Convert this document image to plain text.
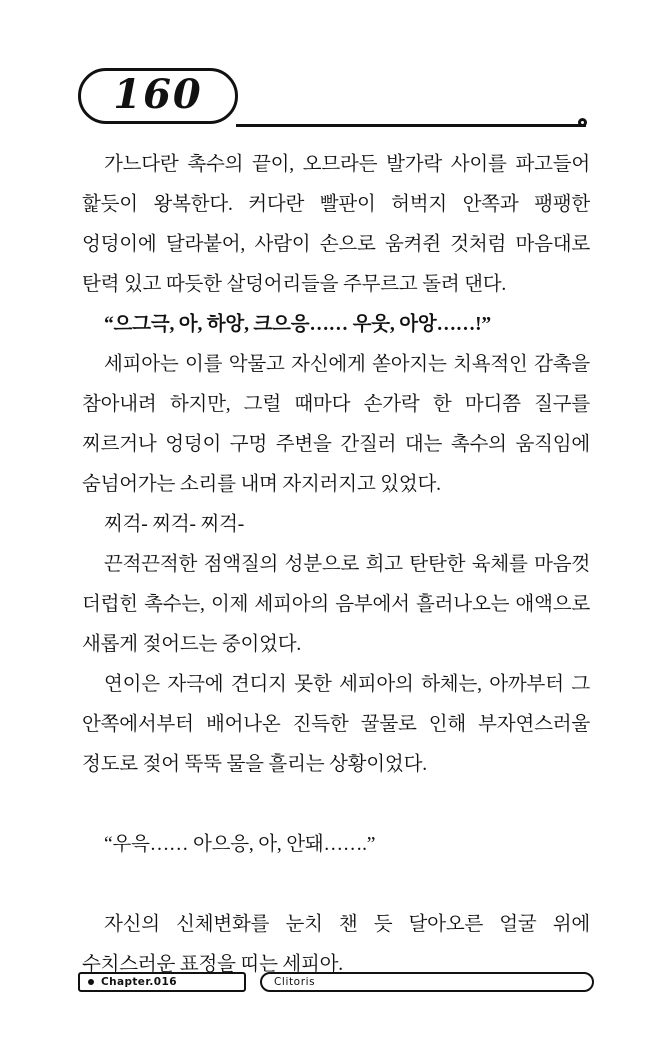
160

가느다란 촉수의 끝이, 오므라든 발가락 사이를 파고들어 핥듯이 왕복한다. 커다란 빨판이 허벅지 안쪽과 팽팽한 엉덩이에 달라붙어, 사람이 손으로 움켜쥔 것처럼 마음대로 탄력 있고 따듯한 살덩어리들을 주무르고 돌려 댄다.

“으그극, 아, 하앙, 크으응…… 우웃, 아앙……!”

세피아는 이를 악물고 자신에게 쏟아지는 치욕적인 감촉을 참아내려 하지만, 그럴 때마다 손가락 한 마디쯤 질구를 찌르거나 엉덩이 구멍 주변을 간질러 대는 촉수의 움직임에 숨넘어가는 소리를 내며 자지러지고 있었다.

찌걱- 찌걱- 찌걱-

끈적끈적한 점액질의 성분으로 희고 탄탄한 육체를 마음껏 더럽힌 촉수는, 이제 세피아의 음부에서 흘러나오는 애액으로 새롭게 젖어드는 중이었다.

연이은 자극에 견디지 못한 세피아의 하체는, 아까부터 그 안쪽에서부터 배어나온 진득한 꿀물로 인해 부자연스러울 정도로 젖어 뚝뚝 물을 흘리는 상황이었다.

“우윽…… 아으응, 아, 안돼…….”

자신의 신체변화를 눈치 챈 듯 달아오른 얼굴 위에 수치스러운 표정을 띠는 세피아.

Chapter.016	Clitoris
